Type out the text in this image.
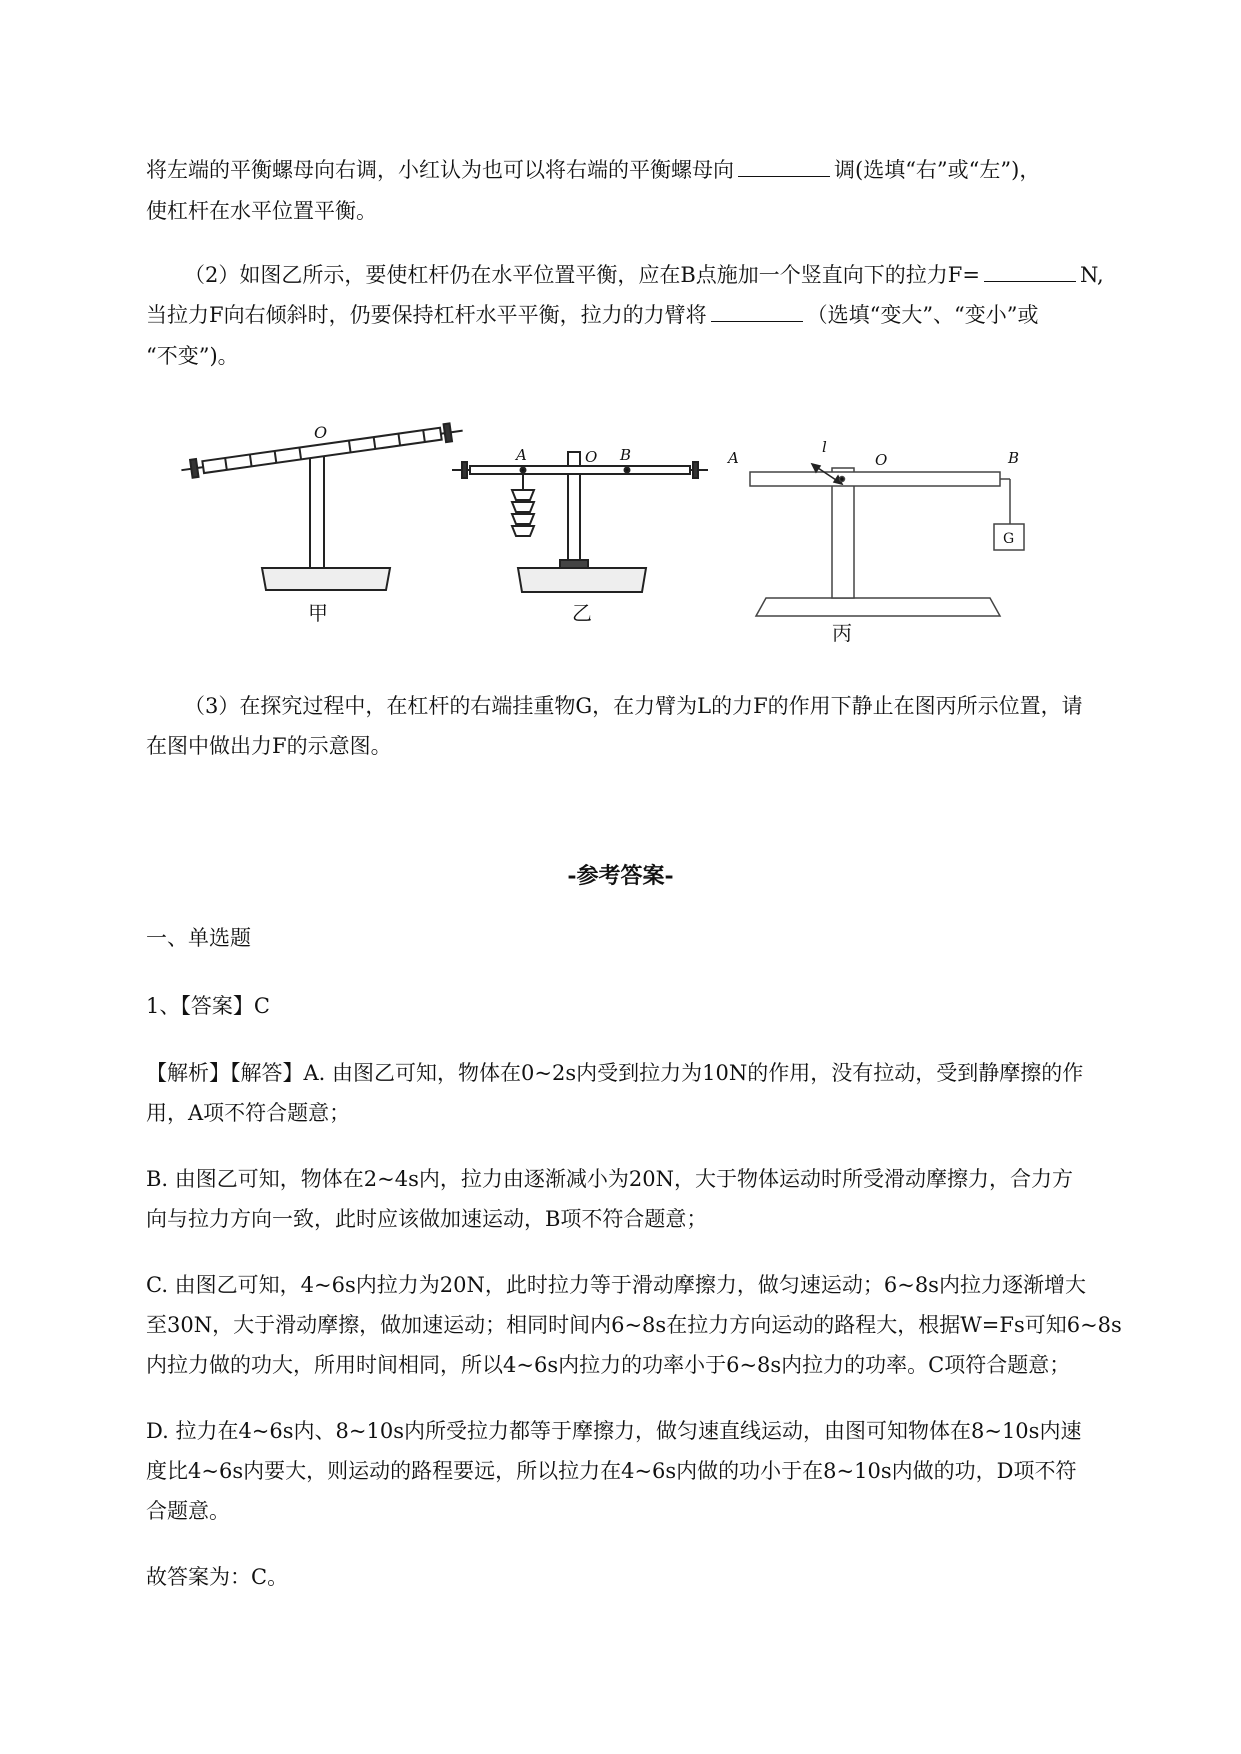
将左端的平衡螺母向右调，小红认为也可以将右端的平衡螺母向	调(选填“右”或“左”)，
使杠杆在水平位置平衡。
（2）如图乙所示，要使杠杆仍在水平位置平衡，应在B点施加一个竖直向下的拉力F=	N,
当拉力F向右倾斜时，仍要保持杠杆水平平衡，拉力的力臂将	（选填“变大”、“变小”或
“不变”)。
O
甲
A	O B
乙
A
l
O	B
G
丙
（3）在探究过程中，在杠杆的右端挂重物G，在力臂为L的力F的作用下静止在图丙所示位置，请
在图中做出力F的示意图。
-参考答案-
一、单选题
1、【答案】C
【解析】【解答】A. 由图乙可知，物体在0~2s内受到拉力为10N的作用，没有拉动，受到静摩擦的作
用，A项不符合题意；
B. 由图乙可知，物体在2~4s内，拉力由逐渐减小为20N，大于物体运动时所受滑动摩擦力，合力方
向与拉力方向一致，此时应该做加速运动，B项不符合题意；
C. 由图乙可知，4~6s内拉力为20N，此时拉力等于滑动摩擦力，做匀速运动；6~8s内拉力逐渐增大
至30N，大于滑动摩擦，做加速运动；相同时间内6~8s在拉力方向运动的路程大，根据W=Fs可知6~8s
内拉力做的功大，所用时间相同，所以4~6s内拉力的功率小于6~8s内拉力的功率。C项符合题意；
D. 拉力在4~6s内、8~10s内所受拉力都等于摩擦力，做匀速直线运动，由图可知物体在8~10s内速
度比4~6s内要大，则运动的路程要远，所以拉力在4~6s内做的功小于在8~10s内做的功，D项不符
合题意。
故答案为：C。
